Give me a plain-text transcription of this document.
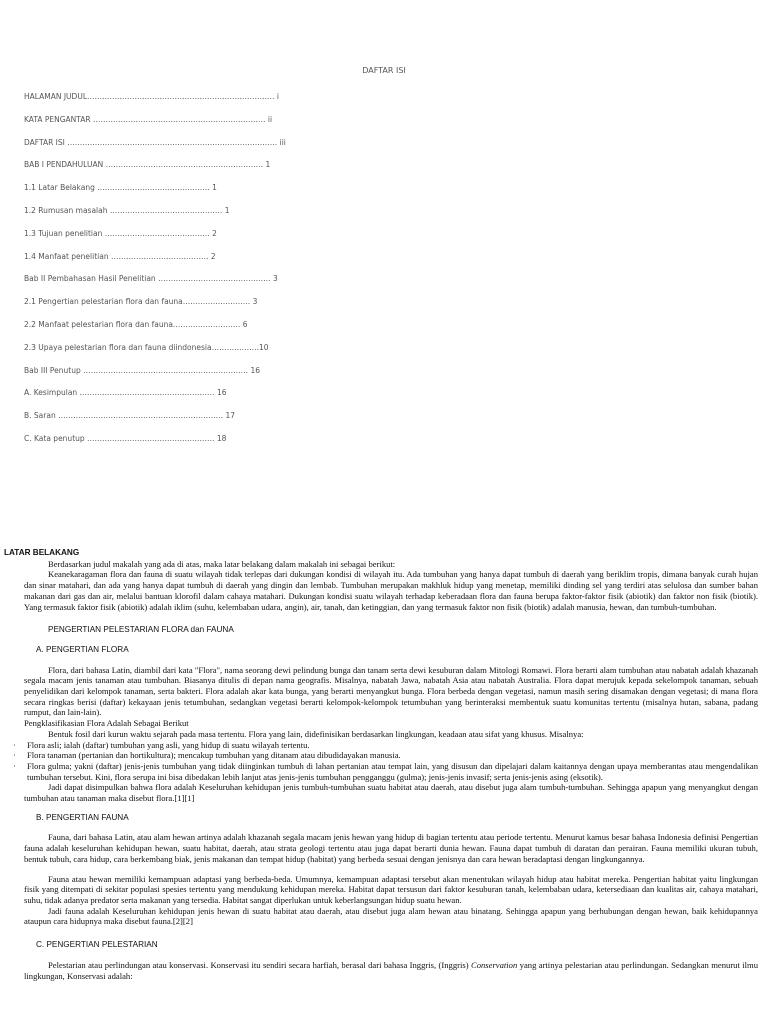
DAFTAR ISI
HALAMAN JUDUL………………………………………………………………… i
KATA PENGANTAR …………………………………………………………… ii
DAFTAR ISI ………………………………………………………………………… iii
BAB I PENDAHULUAN ……………………………………………………… 1
1.1 Latar Belakang ……………………………………… 1
1.2 Rumusan masalah ……………………………………… 1
1.3 Tujuan penelitian …………………………………… 2
1.4 Manfaat penelitian ………………………………… 2
Bab II Pembahasan Hasil Penelitian ……………………………………… 3
2.1 Pengertian pelestarian flora dan fauna……………………… 3
2.2 Manfaat pelestarian flora dan fauna……………………… 6
2.3 Upaya pelestarian flora dan fauna diindonesia……………….10
Bab III Penutup ………………………………………………………… 16
A. Kesimpulan ……………………………………………… 16
B. Saran ………………………………………………………… 17
C. Kata penutup …………………………………………… 18

LATAR BELAKANG

Berdasarkan judul makalah yang ada di atas, maka latar belakang dalam makalah ini sebagai berikut:

Keanekaragaman flora dan fauna di suatu wilayah tidak terlepas dari dukungan kondisi di wilayah itu. Ada tumbuhan yang hanya dapat tumbuh di daerah yang beriklim tropis, dimana banyak curah hujan dan sinar matahari, dan ada yang hanya dapat tumbuh di daerah yang dingin dan lembab. Tumbuhan merupakan makhluk hidup yang menetap, memiliki dinding sel yang terdiri atas selulosa dan sumber bahan makanan dari gas dan air, melalui bantuan klorofil dalam cahaya matahari. Dukungan kondisi suatu wilayah terhadap keberadaan flora dan fauna berupa faktor-faktor fisik (abiotik) dan faktor non fisik (biotik). Yang termasuk faktor fisik (abiotik) adalah iklim (suhu, kelembaban udara, angin), air, tanah, dan ketinggian, dan yang termasuk faktor non fisik (biotik) adalah manusia, hewan, dan tumbuh-tumbuhan.

PENGERTIAN PELESTARIAN FLORA dan FAUNA

A. PENGERTIAN FLORA

Flora, dari bahasa Latin, diambil dari kata "Flora", nama seorang dewi pelindung bunga dan tanam serta dewi kesuburan dalam Mitologi Romawi. Flora berarti alam tumbuhan atau nabatah adalah khazanah segala macam jenis tanaman atau tumbuhan. Biasanya ditulis di depan nama geografis. Misalnya, nabatah Jawa, nabatah Asia atau nabatah Australia. Flora dapat merujuk kepada sekelompok tanaman, sebuah penyelidikan dari kelompok tanaman, serta bakteri. Flora adalah akar kata bunga, yang berarti menyangkut bunga. Flora berbeda dengan vegetasi, namun masih sering disamakan dengan vegetasi; di mana flora secara ringkas berisi (daftar) kekayaan jenis tetumbuhan, sedangkan vegetasi berarti kelompok-kelompok tetumbuhan yang berinteraksi membentuk suatu komunitas tertentu (misalnya hutan, sabana, padang rumput, dan lain-lain).

Pengklasifikasian Flora Adalah Sebagai Berikut

Bentuk fosil dari kurun waktu sejarah pada masa tertentu. Flora yang lain, didefinisikan berdasarkan lingkungan, keadaan atau sifat yang khusus. Misalnya:

· Flora asli; ialah (daftar) tumbuhan yang asli, yang hidup di suatu wilayah tertentu.

· Flora tanaman (pertanian dan hortikultura); mencakup tumbuhan yang ditanam atau dibudidayakan manusia.

· Flora gulma; yakni (daftar) jenis-jenis tumbuhan yang tidak diinginkan tumbuh di lahan pertanian atau tempat lain, yang disusun dan dipelajari dalam kaitannya dengan upaya memberantas atau mengendalikan tumbuhan tersebut. Kini, flora serupa ini bisa dibedakan lebih lanjut atas jenis-jenis tumbuhan pengganggu (gulma); jenis-jenis invasif; serta jenis-jenis asing (eksotik).

Jadi dapat disimpulkan bahwa flora adalah Keseluruhan kehidupan jenis tumbuh-tumbuhan suatu habitat atau daerah, atau disebut juga alam tumbuh-tumbuhan. Sehingga apapun yang menyangkut dengan tumbuhan atau tanaman maka disebut flora.[1][1]

B. PENGERTIAN FAUNA

Fauna, dari bahasa Latin, atau alam hewan artinya adalah khazanah segala macam jenis hewan yang hidup di bagian tertentu atau periode tertentu. Menurut kamus besar bahasa Indonesia definisi Pengertian fauna adalah keseluruhan kehidupan hewan, suatu habitat, daerah, atau strata geologi tertentu atau juga dapat berarti dunia hewan. Fauna dapat tumbuh di daratan dan perairan. Fauna memiliki ukuran tubuh, bentuk tubuh, cara hidup, cara berkembang biak, jenis makanan dan tempat hidup (habitat) yang berbeda sesuai dengan jenisnya dan cara hewan beradaptasi dengan lingkungannya.

Fauna atau hewan memiliki kemampuan adaptasi yang berbeda-beda. Umumnya, kemampuan adaptasi tersebut akan menentukan wilayah hidup atau habitat mereka. Pengertian habitat yaitu lingkungan fisik yang ditempati di sekitar populasi spesies tertentu yang mendukung kehidupan mereka. Habitat dapat tersusun dari faktor kesuburan tanah, kelembaban udara, ketersediaan dan kualitas air, cahaya matahari, suhu, tidak adanya predator serta makanan yang tersedia. Habitat sangat diperlukan untuk keberlangsungan hidup suatu hewan.

Jadi fauna adalah Keseluruhan kehidupan jenis hewan di suatu habitat atau daerah, atau disebut juga alam hewan atau binatang. Sehingga apapun yang berhubungan dengan hewan, baik kehidupannya ataupun cara hidupnya maka disebut fauna.[2][2]

C. PENGERTIAN PELESTARIAN

Pelestarian atau perlindungan atau konservasi. Konservasi itu sendiri secara harfiah, berasal dari bahasa Inggris, (Inggris) Conservation yang artinya pelestarian atau perlindungan. Sedangkan menurut ilmu lingkungan, Konservasi adalah:
